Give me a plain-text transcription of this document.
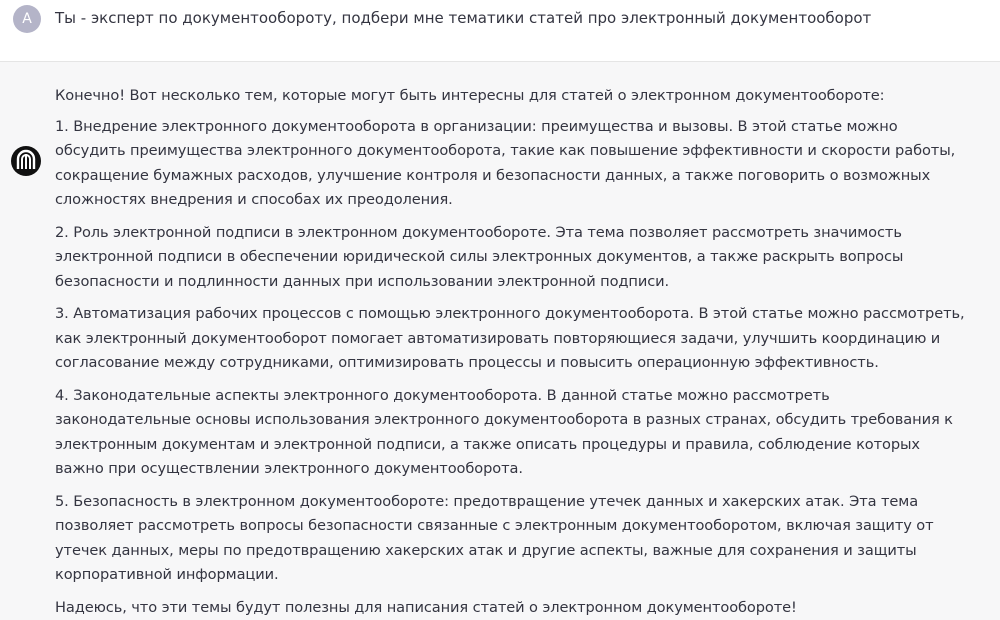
A	Ты - эксперт по документообороту, подбери мне тематики статей про электронный документооборот

Конечно! Вот несколько тем, которые могут быть интересны для статей о электронном документообороте:

1. Внедрение электронного документооборота в организации: преимущества и вызовы. В этой статье можно обсудить преимущества электронного документооборота, такие как повышение эффективности и скорости работы, сокращение бумажных расходов, улучшение контроля и безопасности данных, а также поговорить о возможных сложностях внедрения и способах их преодоления.

2. Роль электронной подписи в электронном документообороте. Эта тема позволяет рассмотреть значимость электронной подписи в обеспечении юридической силы электронных документов, а также раскрыть вопросы безопасности и подлинности данных при использовании электронной подписи.

3. Автоматизация рабочих процессов с помощью электронного документооборота. В этой статье можно рассмотреть, как электронный документооборот помогает автоматизировать повторяющиеся задачи, улучшить координацию и согласование между сотрудниками, оптимизировать процессы и повысить операционную эффективность.

4. Законодательные аспекты электронного документооборота. В данной статье можно рассмотреть законодательные основы использования электронного документооборота в разных странах, обсудить требования к электронным документам и электронной подписи, а также описать процедуры и правила, соблюдение которых важно при осуществлении электронного документооборота.

5. Безопасность в электронном документообороте: предотвращение утечек данных и хакерских атак. Эта тема позволяет рассмотреть вопросы безопасности связанные с электронным документооборотом, включая защиту от утечек данных, меры по предотвращению хакерских атак и другие аспекты, важные для сохранения и защиты корпоративной информации.

Надеюсь, что эти темы будут полезны для написания статей о электронном документообороте!
